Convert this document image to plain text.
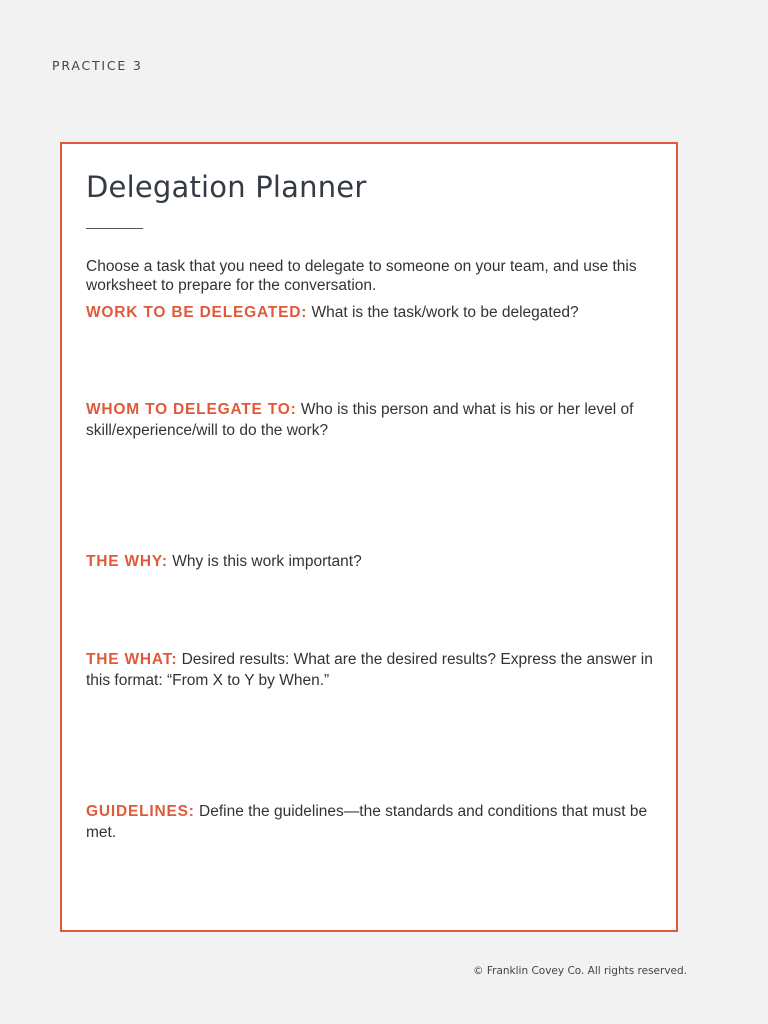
PRACTICE 3
Delegation Planner

Choose a task that you need to delegate to someone on your team, and use this worksheet to prepare for the conversation.

WORK TO BE DELEGATED: What is the task/work to be delegated?

WHOM TO DELEGATE TO: Who is this person and what is his or her level of skill/experience/will to do the work?

THE WHY: Why is this work important?

THE WHAT: Desired results: What are the desired results? Express the answer in this format: “From X to Y by When.”

GUIDELINES: Define the guidelines—the standards and conditions that must be met.

© Franklin Covey Co. All rights reserved.
